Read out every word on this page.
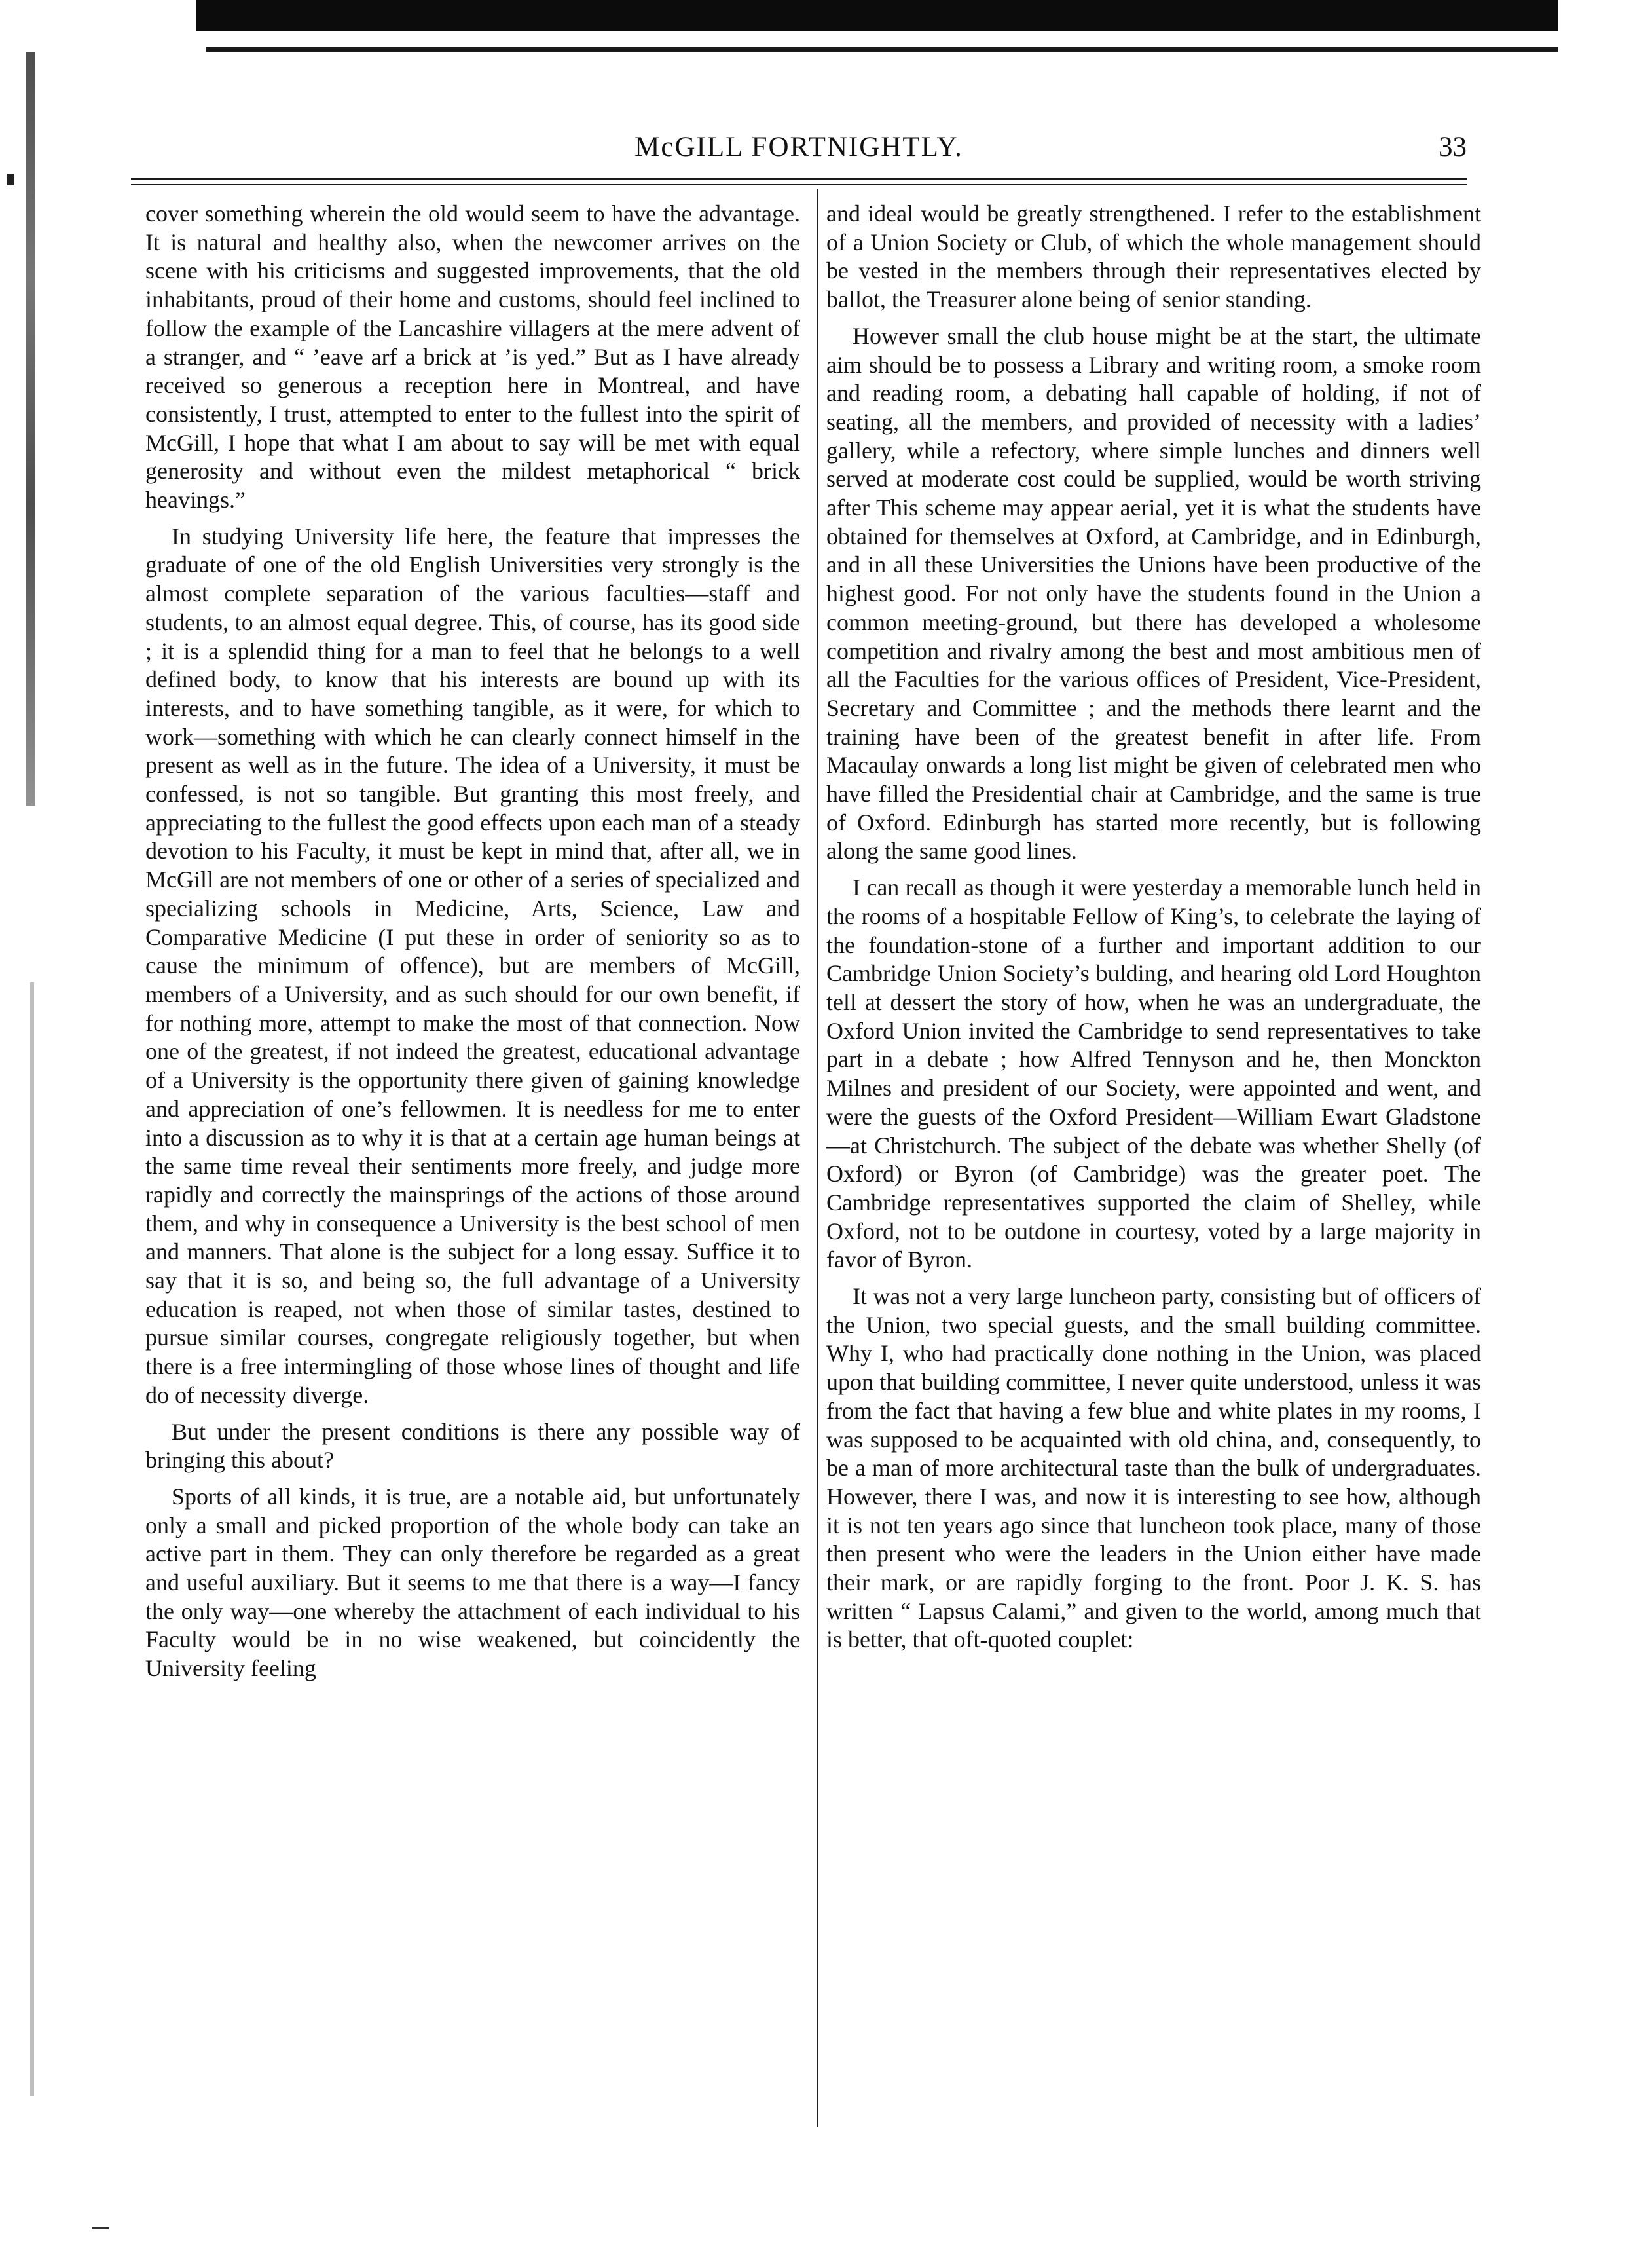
McGILL FORTNIGHTLY.	33

cover something wherein the old would seem to have the advantage. It is natural and healthy also, when the newcomer arrives on the scene with his criticisms and suggested improvements, that the old inhabitants, proud of their home and customs, should feel inclined to follow the example of the Lancashire villagers at the mere advent of a stranger, and “ ’eave arf a brick at ’is yed.” But as I have already received so generous a reception here in Montreal, and have consistently, I trust, attempted to enter to the fullest into the spirit of McGill, I hope that what I am about to say will be met with equal generosity and without even the mildest metaphorical “ brick heavings.”

In studying University life here, the feature that impresses the graduate of one of the old English Universities very strongly is the almost complete separation of the various faculties—staff and students, to an almost equal degree. This, of course, has its good side ; it is a splendid thing for a man to feel that he belongs to a well defined body, to know that his interests are bound up with its interests, and to have something tangible, as it were, for which to work—something with which he can clearly connect himself in the present as well as in the future. The idea of a University, it must be confessed, is not so tangible. But granting this most freely, and appreciating to the fullest the good effects upon each man of a steady devotion to his Faculty, it must be kept in mind that, after all, we in McGill are not members of one or other of a series of specialized and specializing schools in Medicine, Arts, Science, Law and Comparative Medicine (I put these in order of seniority so as to cause the minimum of offence), but are members of McGill, members of a University, and as such should for our own benefit, if for nothing more, attempt to make the most of that connection. Now one of the greatest, if not indeed the greatest, educational advantage of a University is the opportunity there given of gaining knowledge and appreciation of one’s fellowmen. It is needless for me to enter into a discussion as to why it is that at a certain age human beings at the same time reveal their sentiments more freely, and judge more rapidly and correctly the mainsprings of the actions of those around them, and why in consequence a University is the best school of men and manners. That alone is the subject for a long essay. Suffice it to say that it is so, and being so, the full advantage of a University education is reaped, not when those of similar tastes, destined to pursue similar courses, congregate religiously together, but when there is a free intermingling of those whose lines of thought and life do of necessity diverge.

But under the present conditions is there any possible way of bringing this about?

Sports of all kinds, it is true, are a notable aid, but unfortunately only a small and picked proportion of the whole body can take an active part in them. They can only therefore be regarded as a great and useful auxiliary. But it seems to me that there is a way—I fancy the only way—one whereby the attachment of each individual to his Faculty would be in no wise weakened, but coincidently the University feeling

and ideal would be greatly strengthened. I refer to the establishment of a Union Society or Club, of which the whole management should be vested in the members through their representatives elected by ballot, the Treasurer alone being of senior standing.

However small the club house might be at the start, the ultimate aim should be to possess a Library and writing room, a smoke room and reading room, a debating hall capable of holding, if not of seating, all the members, and provided of necessity with a ladies’ gallery, while a refectory, where simple lunches and dinners well served at moderate cost could be supplied, would be worth striving after This scheme may appear aerial, yet it is what the students have obtained for themselves at Oxford, at Cambridge, and in Edinburgh, and in all these Universities the Unions have been productive of the highest good. For not only have the students found in the Union a common meeting-ground, but there has developed a wholesome competition and rivalry among the best and most ambitious men of all the Faculties for the various offices of President, Vice-President, Secretary and Committee ; and the methods there learnt and the training have been of the greatest benefit in after life. From Macaulay onwards a long list might be given of celebrated men who have filled the Presidential chair at Cambridge, and the same is true of Oxford. Edinburgh has started more recently, but is following along the same good lines.

I can recall as though it were yesterday a memorable lunch held in the rooms of a hospitable Fellow of King’s, to celebrate the laying of the foundation-stone of a further and important addition to our Cambridge Union Society’s bulding, and hearing old Lord Houghton tell at dessert the story of how, when he was an undergraduate, the Oxford Union invited the Cambridge to send representatives to take part in a debate ; how Alfred Tennyson and he, then Monckton Milnes and president of our Society, were appointed and went, and were the guests of the Oxford President—William Ewart Gladstone—at Christchurch. The subject of the debate was whether Shelly (of Oxford) or Byron (of Cambridge) was the greater poet. The Cambridge representatives supported the claim of Shelley, while Oxford, not to be outdone in courtesy, voted by a large majority in favor of Byron.

It was not a very large luncheon party, consisting but of officers of the Union, two special guests, and the small building committee. Why I, who had practically done nothing in the Union, was placed upon that building committee, I never quite understood, unless it was from the fact that having a few blue and white plates in my rooms, I was supposed to be acquainted with old china, and, consequently, to be a man of more architectural taste than the bulk of undergraduates. However, there I was, and now it is interesting to see how, although it is not ten years ago since that luncheon took place, many of those then present who were the leaders in the Union either have made their mark, or are rapidly forging to the front. Poor J. K. S. has written “ Lapsus Calami,” and given to the world, among much that is better, that oft-quoted couplet:
